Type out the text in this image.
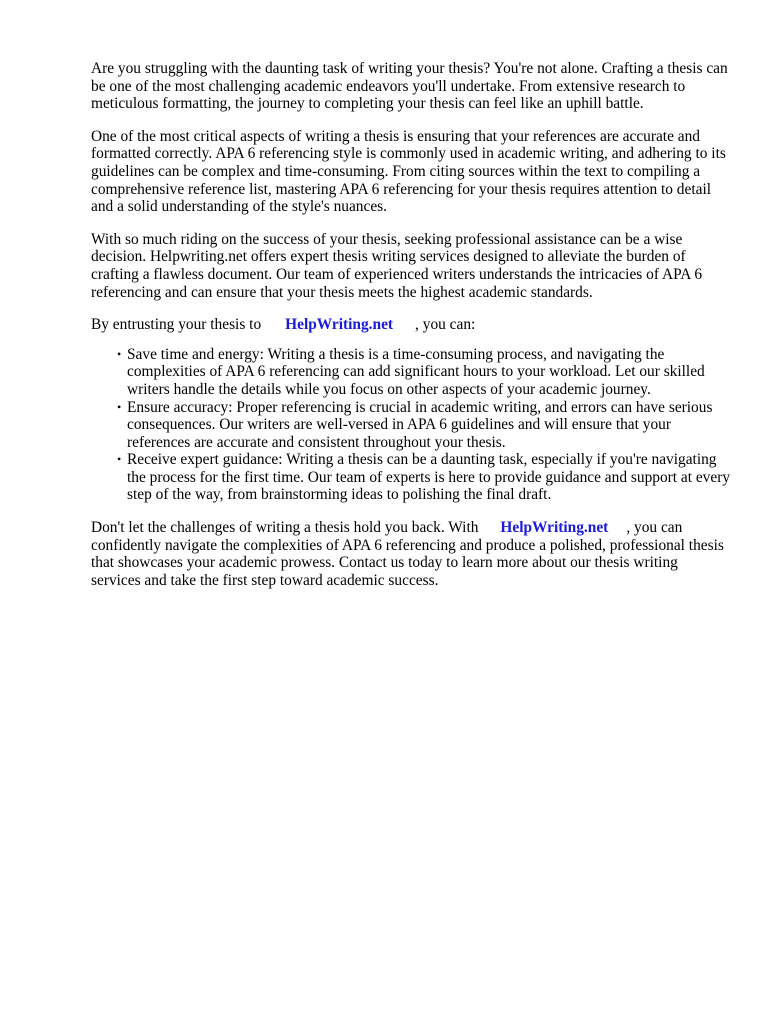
Are you struggling with the daunting task of writing your thesis? You're not alone. Crafting a thesis can be one of the most challenging academic endeavors you'll undertake. From extensive research to meticulous formatting, the journey to completing your thesis can feel like an uphill battle.

One of the most critical aspects of writing a thesis is ensuring that your references are accurate and formatted correctly. APA 6 referencing style is commonly used in academic writing, and adhering to its guidelines can be complex and time-consuming. From citing sources within the text to compiling a comprehensive reference list, mastering APA 6 referencing for your thesis requires attention to detail and a solid understanding of the style's nuances.

With so much riding on the success of your thesis, seeking professional assistance can be a wise decision. Helpwriting.net offers expert thesis writing services designed to alleviate the burden of crafting a flawless document. Our team of experienced writers understands the intricacies of APA 6 referencing and can ensure that your thesis meets the highest academic standards.

By entrusting your thesis to HelpWriting.net , you can:

• Save time and energy: Writing a thesis is a time-consuming process, and navigating the complexities of APA 6 referencing can add significant hours to your workload. Let our skilled writers handle the details while you focus on other aspects of your academic journey.
• Ensure accuracy: Proper referencing is crucial in academic writing, and errors can have serious consequences. Our writers are well-versed in APA 6 guidelines and will ensure that your references are accurate and consistent throughout your thesis.
• Receive expert guidance: Writing a thesis can be a daunting task, especially if you're navigating the process for the first time. Our team of experts is here to provide guidance and support at every step of the way, from brainstorming ideas to polishing the final draft.

Don't let the challenges of writing a thesis hold you back. With HelpWriting.net , you can confidently navigate the complexities of APA 6 referencing and produce a polished, professional thesis that showcases your academic prowess. Contact us today to learn more about our thesis writing services and take the first step toward academic success.
